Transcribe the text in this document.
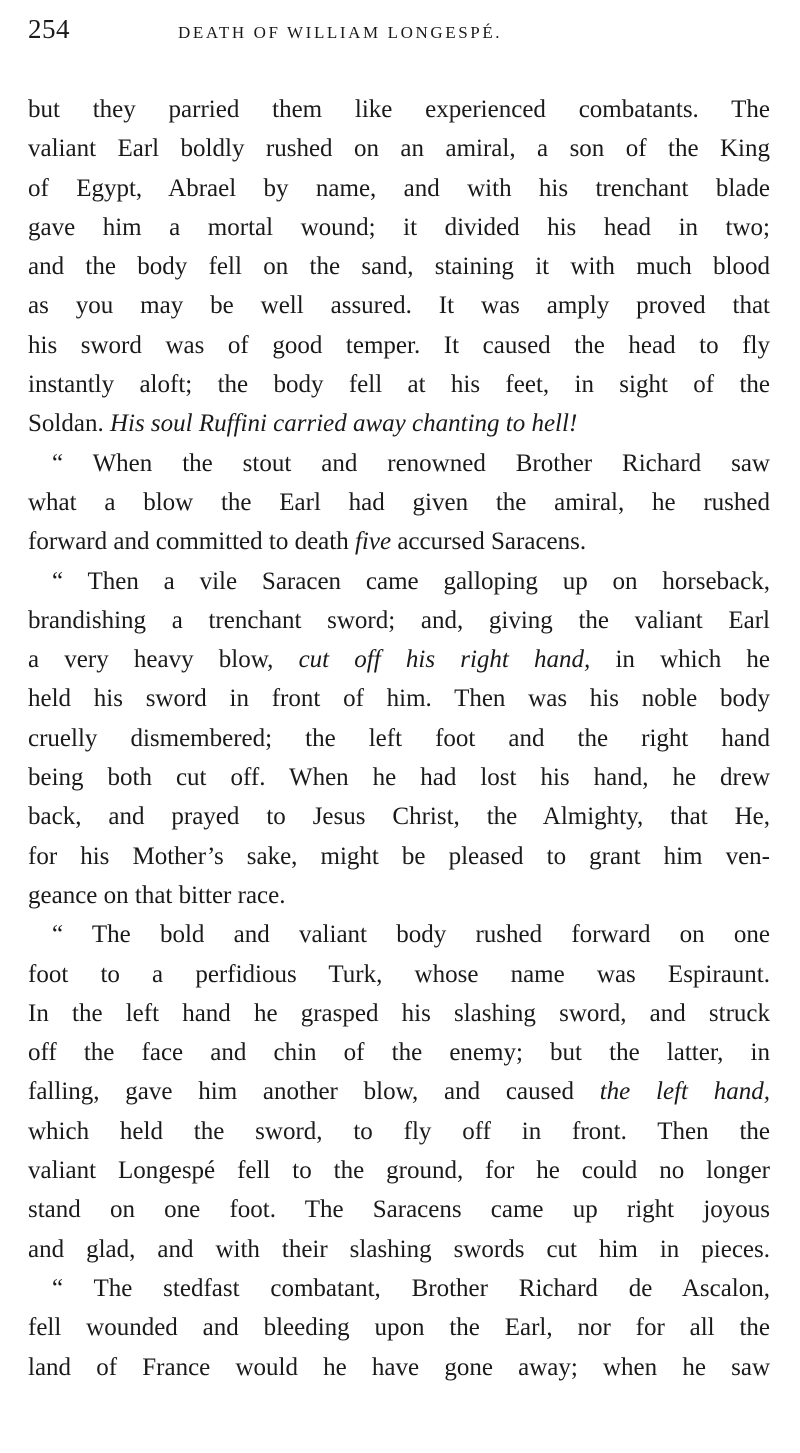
254	DEATH OF WILLIAM LONGESPÉ.
but they parried them like experienced combatants. The
valiant Earl boldly rushed on an amiral, a son of the King
of Egypt, Abrael by name, and with his trenchant blade
gave him a mortal wound; it divided his head in two;
and the body fell on the sand, staining it with much blood
as you may be well assured. It was amply proved that
his sword was of good temper. It caused the head to fly
instantly aloft; the body fell at his feet, in sight of the
Soldan. His soul Ruffini carried away chanting to hell!
“ When the stout and renowned Brother Richard saw
what a blow the Earl had given the amiral, he rushed
forward and committed to death five accursed Saracens.
“ Then a vile Saracen came galloping up on horseback,
brandishing a trenchant sword; and, giving the valiant Earl
a very heavy blow, cut off his right hand, in which he
held his sword in front of him. Then was his noble body
cruelly dismembered; the left foot and the right hand
being both cut off. When he had lost his hand, he drew
back, and prayed to Jesus Christ, the Almighty, that He,
for his Mother’s sake, might be pleased to grant him ven-
geance on that bitter race.
“ The bold and valiant body rushed forward on one
foot to a perfidious Turk, whose name was Espiraunt.
In the left hand he grasped his slashing sword, and struck
off the face and chin of the enemy; but the latter, in
falling, gave him another blow, and caused the left hand,
which held the sword, to fly off in front. Then the
valiant Longespé fell to the ground, for he could no longer
stand on one foot. The Saracens came up right joyous
and glad, and with their slashing swords cut him in pieces.
“ The stedfast combatant, Brother Richard de Ascalon,
fell wounded and bleeding upon the Earl, nor for all the
land of France would he have gone away; when he saw
